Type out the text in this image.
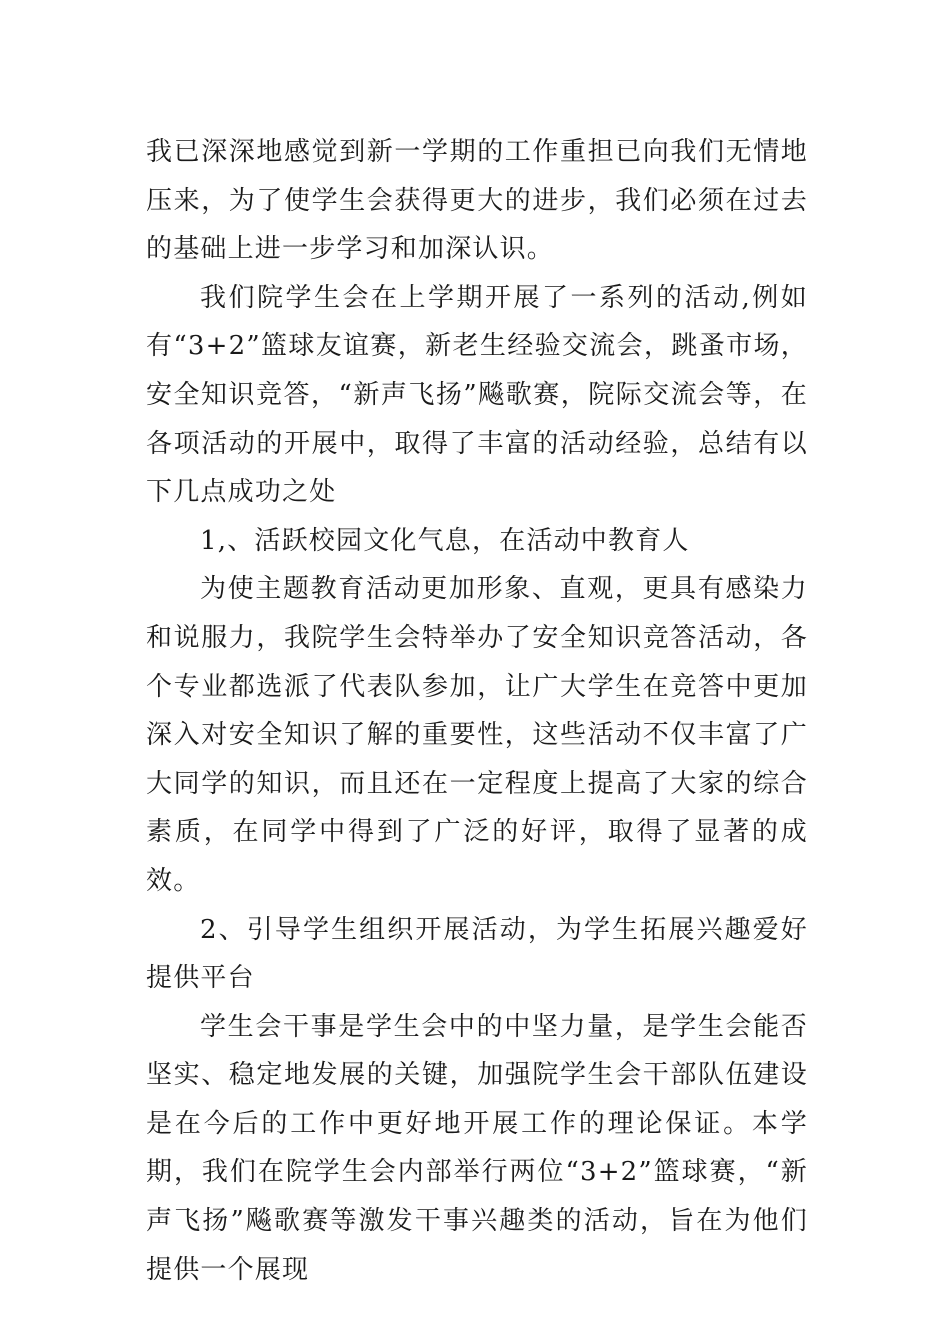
我已深深地感觉到新一学期的工作重担已向我们无情地压来，为了使学生会获得更大的进步，我们必须在过去的基础上进一步学习和加深认识。

我们院学生会在上学期开展了一系列的活动,例如有“3+2”篮球友谊赛，新老生经验交流会，跳蚤市场，安全知识竞答，“新声飞扬”飚歌赛，院际交流会等，在各项活动的开展中，取得了丰富的活动经验，总结有以下几点成功之处

1,、活跃校园文化气息，在活动中教育人

为使主题教育活动更加形象、直观，更具有感染力和说服力，我院学生会特举办了安全知识竞答活动，各个专业都选派了代表队参加，让广大学生在竞答中更加深入对安全知识了解的重要性，这些活动不仅丰富了广大同学的知识，而且还在一定程度上提高了大家的综合素质，在同学中得到了广泛的好评，取得了显著的成效。

2、引导学生组织开展活动，为学生拓展兴趣爱好提供平台

学生会干事是学生会中的中坚力量，是学生会能否坚实、稳定地发展的关键，加强院学生会干部队伍建设是在今后的工作中更好地开展工作的理论保证。本学期，我们在院学生会内部举行两位“3+2”篮球赛，“新声飞扬”飚歌赛等激发干事兴趣类的活动，旨在为他们提供一个展现
